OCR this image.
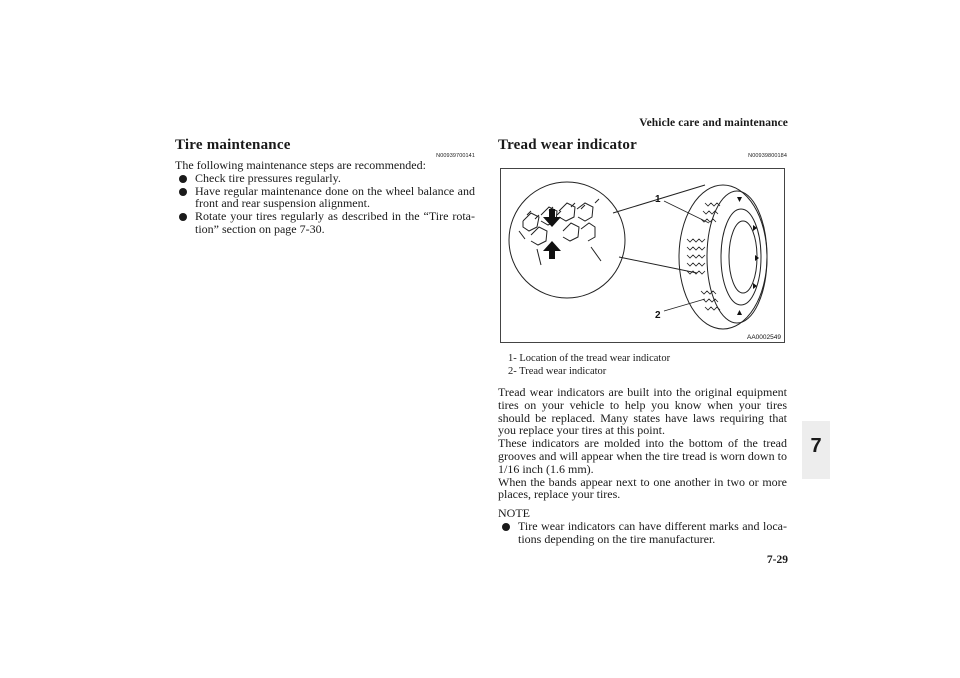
Vehicle care and maintenance
7
7-29
Tire maintenance
N00939700141
The following maintenance steps are recommended:
Check tire pressures regularly.
Have regular maintenance done on the wheel balance and front and rear suspension alignment.
Rotate your tires regularly as described in the “Tire rota-tion” section on page 7-30.
Tread wear indicator
N00939800184
1
2
AA0002549
1- Location of the tread wear indicator
2- Tread wear indicator
Tread wear indicators are built into the original equipment tires on your vehicle to help you know when your tires should be replaced. Many states have laws requiring that you replace your tires at this point.
These indicators are molded into the bottom of the tread grooves and will appear when the tire tread is worn down to 1/16 inch (1.6 mm).
When the bands appear next to one another in two or more places, replace your tires.
NOTE
Tire wear indicators can have different marks and loca-tions depending on the tire manufacturer.
